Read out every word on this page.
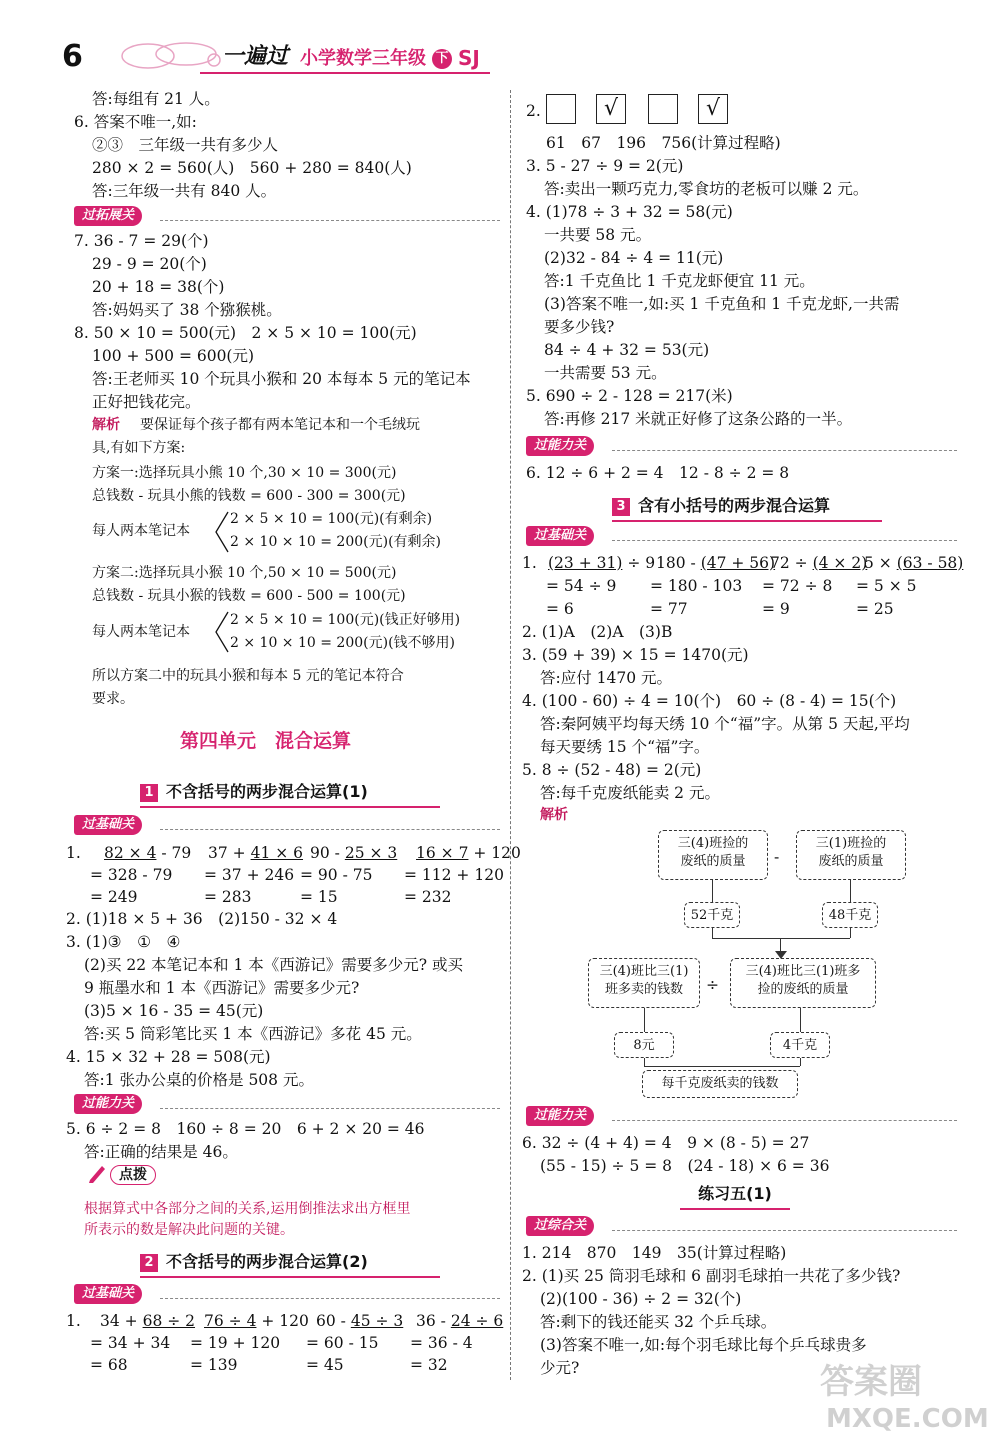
6	一遍过 小学数学三年级 下 SJ
答:每组有 21 人。
6. 答案不唯一,如:
②③　三年级一共有多少人
280 × 2 = 560(人)　560 + 280 = 840(人)
答:三年级一共有 840 人。
过拓展关
7. 36 - 7 = 29(个)
29 - 9 = 20(个)
20 + 18 = 38(个)
答:妈妈买了 38 个猕猴桃。
8. 50 × 10 = 500(元)　2 × 5 × 10 = 100(元)
100 + 500 = 600(元)
答:王老师买 10 个玩具小猴和 20 本每本 5 元的笔记本
正好把钱花完。
解析 要保证每个孩子都有两本笔记本和一个毛绒玩
具,有如下方案:
方案一:选择玩具小熊 10 个,30 × 10 = 300(元)
总钱数 - 玩具小熊的钱数 = 600 - 300 = 300(元)
每人两本笔记本
2 × 5 × 10 = 100(元)(有剩余)
2 × 10 × 10 = 200(元)(有剩余)
方案二:选择玩具小猴 10 个,50 × 10 = 500(元)
总钱数 - 玩具小猴的钱数 = 600 - 500 = 100(元)
每人两本笔记本
2 × 5 × 10 = 100(元)(钱正好够用)
2 × 10 × 10 = 200(元)(钱不够用)
所以方案二中的玩具小猴和每本 5 元的笔记本符合
要求。
第四单元　混合运算
1 不含括号的两步混合运算(1)
过基础关
1. 82 × 4 - 79
= 328 - 79
= 249
37 + 41 × 6
= 37 + 246
= 283
90 - 25 × 3
= 90 - 75
= 15
16 × 7 + 120
= 112 + 120
= 232
2. (1)18 × 5 + 36　(2)150 - 32 × 4
3. (1)③　①　④
(2)买 22 本笔记本和 1 本《西游记》需要多少元? 或买
9 瓶墨水和 1 本《西游记》需要多少元?
(3)5 × 16 - 35 = 45(元)
答:买 5 筒彩笔比买 1 本《西游记》多花 45 元。
4. 15 × 32 + 28 = 508(元)
答:1 张办公桌的价格是 508 元。
过能力关
5. 6 ÷ 2 = 8　160 ÷ 8 = 20　6 + 2 × 20 = 46
答:正确的结果是 46。
点拨
根据算式中各部分之间的关系,运用倒推法求出方框里
所表示的数是解决此问题的关键。
2 不含括号的两步混合运算(2)
过基础关
1. 34 + 68 ÷ 2
= 34 + 34
= 68
76 ÷ 4 + 120
= 19 + 120
= 139
60 - 45 ÷ 3
= 60 - 15
= 45
36 - 24 ÷ 6
= 36 - 4
= 32
2.	√	√
61　67　196　756(计算过程略)
3. 5 - 27 ÷ 9 = 2(元)
答:卖出一颗巧克力,零食坊的老板可以赚 2 元。
4. (1)78 ÷ 3 + 32 = 58(元)
一共要 58 元。
(2)32 - 84 ÷ 4 = 11(元)
答:1 千克鱼比 1 千克龙虾便宜 11 元。
(3)答案不唯一,如:买 1 千克鱼和 1 千克龙虾,一共需
要多少钱?
84 ÷ 4 + 32 = 53(元)
一共需要 53 元。
5. 690 ÷ 2 - 128 = 217(米)
答:再修 217 米就正好修了这条公路的一半。
过能力关
6. 12 ÷ 6 + 2 = 4　12 - 8 ÷ 2 = 8
3 含有小括号的两步混合运算
过基础关
1. (23 + 31) ÷ 9
= 54 ÷ 9
= 6
180 - (47 + 56)
= 180 - 103
= 77
72 ÷ (4 × 2)
= 72 ÷ 8
= 9
5 × (63 - 58)
= 5 × 5
= 25
2. (1)A　(2)A　(3)B
3. (59 + 39) × 15 = 1470(元)
答:应付 1470 元。
4. (100 - 60) ÷ 4 = 10(个)　60 ÷ (8 - 4) = 15(个)
答:秦阿姨平均每天绣 10 个“福”字。从第 5 天起,平均
每天要绣 15 个“福”字。
5. 8 ÷ (52 - 48) = 2(元)
答:每千克废纸能卖 2 元。
解析
三(4)班捡的
废纸的质量	-
三(1)班捡的
废纸的质量
52千克	48千克
三(4)班比三(1)
班多卖的钱数	÷
三(4)班比三(1)班多
捡的废纸的质量
8元	4千克
每千克废纸卖的钱数
过能力关
6. 32 ÷ (4 + 4) = 4　9 × (8 - 5) = 27
(55 - 15) ÷ 5 = 8　(24 - 18) × 6 = 36
练习五(1)
过综合关
1. 214　870　149　35(计算过程略)
2. (1)买 25 筒羽毛球和 6 副羽毛球拍一共花了多少钱?
(2)(100 - 36) ÷ 2 = 32(个)
答:剩下的钱还能买 32 个乒乓球。
(3)答案不唯一,如:每个羽毛球比每个乒乓球贵多
少元?	答案圈
MXQE.COM
